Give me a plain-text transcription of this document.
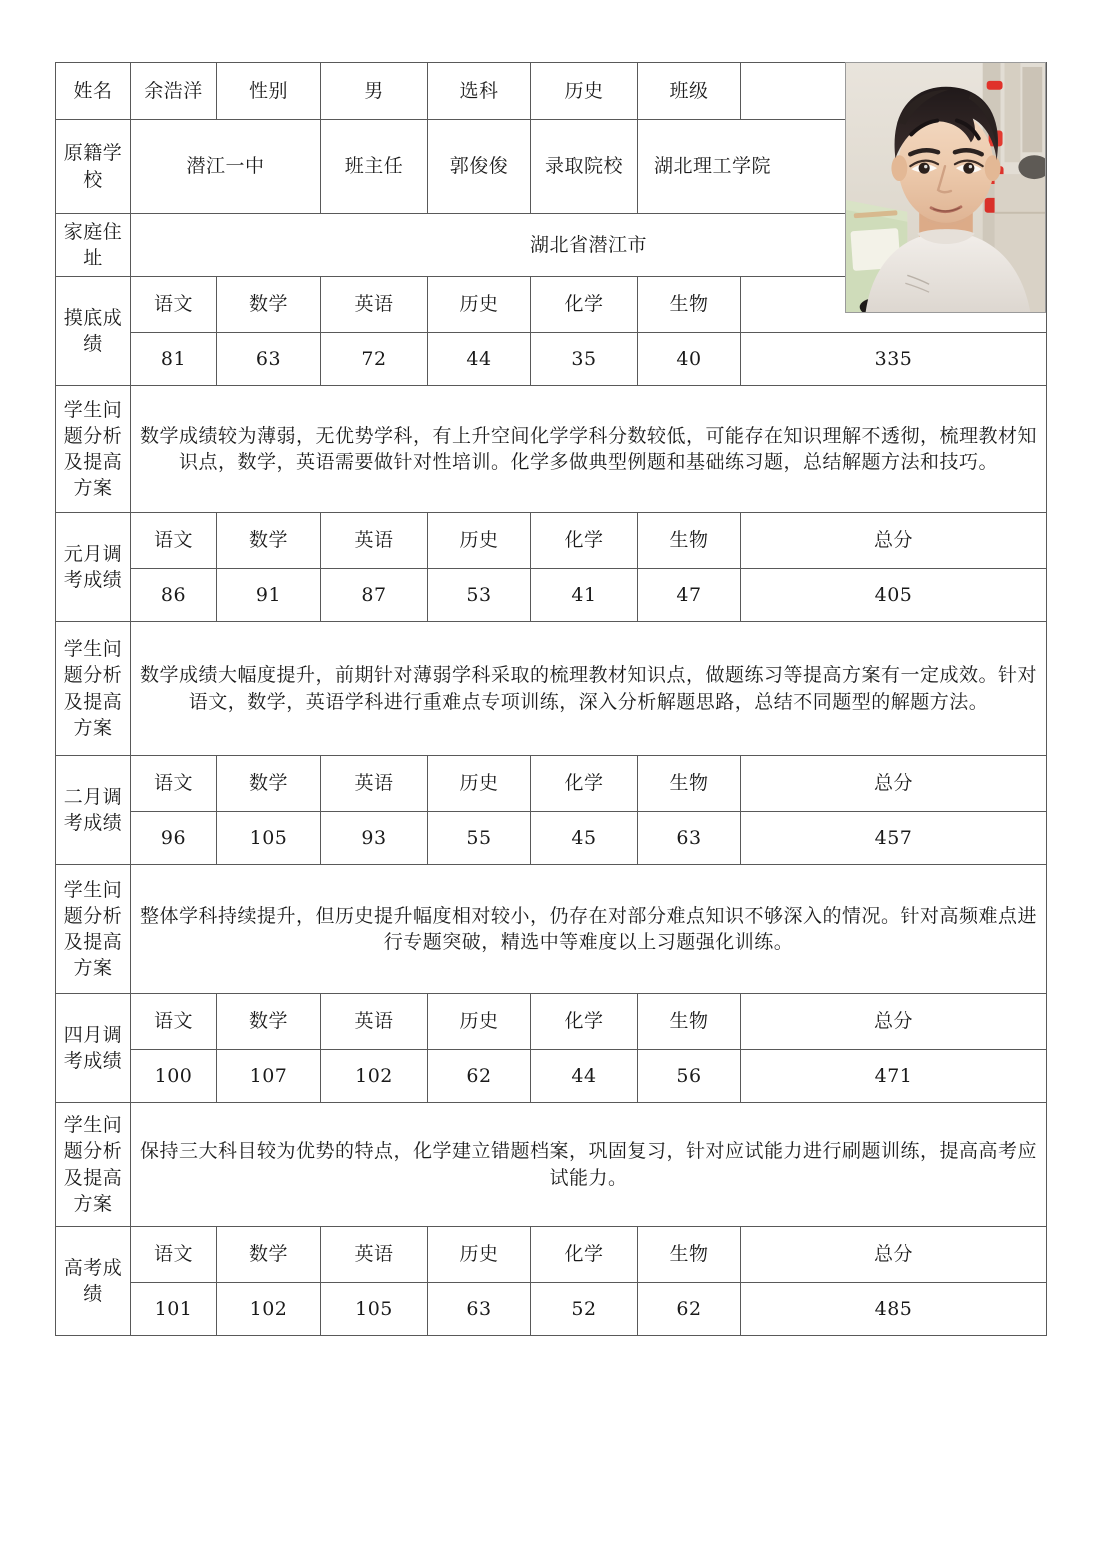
姓名	余浩洋	性别	男	选科	历史	班级	
原籍学校	潜江一中		班主任	郭俊俊	录取院校	湖北理工学院	
家庭住址	湖北省潜江市						
摸底成绩	语文	数学	英语	历史	化学	生物	
	81	63	72	44	35	40	335
学生问题分析及提高方案	数学成绩较为薄弱，无优势学科，有上升空间化学学科分数较低，可能存在知识理解不透彻，梳理教材知识点，数学，英语需要做针对性培训。化学多做典型例题和基础练习题，总结解题方法和技巧。						
元月调考成绩	语文	数学	英语	历史	化学	生物	总分
	86	91	87	53	41	47	405
学生问题分析及提高方案	数学成绩大幅度提升，前期针对薄弱学科采取的梳理教材知识点，做题练习等提高方案有一定成效。针对语文，数学，英语学科进行重难点专项训练，深入分析解题思路，总结不同题型的解题方法。						
二月调考成绩	语文	数学	英语	历史	化学	生物	总分
	96	105	93	55	45	63	457
学生问题分析及提高方案	整体学科持续提升，但历史提升幅度相对较小，仍存在对部分难点知识不够深入的情况。针对高频难点进行专题突破，精选中等难度以上习题强化训练。						
四月调考成绩	语文	数学	英语	历史	化学	生物	总分
	100	107	102	62	44	56	471
学生问题分析及提高方案	保持三大科目较为优势的特点，化学建立错题档案，巩固复习，针对应试能力进行刷题训练，提高高考应试能力。						
高考成绩	语文	数学	英语	历史	化学	生物	总分
	101	102	105	63	52	62	485
